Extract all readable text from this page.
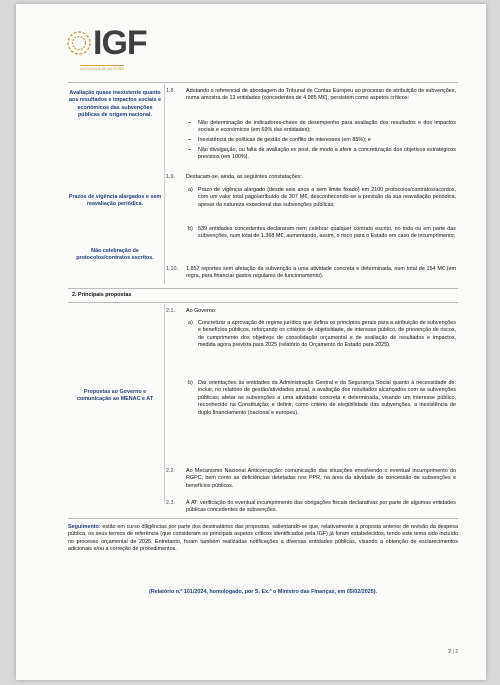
IGF
AUTORIDADE DE AUDITORIA
Avaliação quase inexistente quanto aos resultados e impactos sociais e económicos das subvenções públicas de origem nacional.
Prazos de vigência alargados e sem reavaliação periódica.
Não celebração de protocolos/contratos escritos.
1.8. Adotando o referencial de abordagem do Tribunal de Contas Europeu ao processo de atribuição de subvenções, numa amostra de 13 entidades (concedentes de 4.985 M€), persistem como aspetos críticos:
– Não determinação de indicadores-chave de desempenho para avaliação dos resultados e dos impactos sociais e económicos (em 69% das entidades);
– Inexistência de políticas de gestão de conflito de interesses (em 85%); e
– Não divulgação, ou falta de avaliação ex post, de modo a aferir a concretização dos objetivos estratégicos previstos (em 100%).
1.9. Destacam-se, ainda, as seguintes constatações:
a) Prazo de vigência alargado (desde seis anos a sem limite fixado) em 2100 protocolos/contratos/acordos, com um valor total pago/atribuído de 307 M€, desconhecendo-se a previsão da sua reavaliação periódica, apesar da natureza excecional das subvenções públicas;
b) 539 entidades concedentes declararam nem celebrar qualquer contrato escrito, no todo ou em parte das subvenções, num total de 1.368 M€, aumentando, assim, o risco para o Estado em caso de incumprimento;
1.10. 1.857 reportes sem afetação da subvenção a uma atividade concreta e determinada, num total de 154 M€ (em regra, para financiar gastos regulares de funcionamento).
2. Principais propostas
Propostas ao Governo e comunicação ao MENAC e AT
2.1. Ao Governo:
a) Concretizar a aprovação de regime jurídico que defina os princípios gerais para a atribuição de subvenções e benefícios públicos, reforçando os critérios de objetividade, de interesse público, de prevenção de riscos, de cumprimento dos objetivos de consolidação orçamental e de avaliação de resultados e impactos, medida agora prevista para 2025 (relatório do Orçamento do Estado para 2025).
b) Dar orientações às entidades da Administração Central e da Segurança Social quanto à necessidade de: incluir, no relatório de gestão/atividades anual, a avaliação dos resultados alcançados com as subvenções públicas; afetar as subvenções a uma atividade concreta e determinada, visando um interesse público, reconhecido na Constituição; e definir, como critério de elegibilidade das subvenções, a inexistência de duplo financiamento (nacional e europeu).
2.2. Ao Mecanismo Nacional Anticorrupção: comunicação das situações envolvendo o eventual incumprimento do RGPC, bem como as deficiências detetadas nos PPR, na área da atividade de concessão de subvenções e benefícios públicos.
2.3. À AT: verificação do eventual incumprimento das obrigações fiscais declarativas por parte de algumas entidades públicas concedentes de subvenções.
Seguimento: estão em curso diligências por parte dos destinatários das propostas, salientando-se que, relativamente à proposta anterior de revisão da despesa pública, os seus termos de referência (que consideram os principais aspetos críticos identificados pela IGF) já foram estabelecidos, tendo este tema sido incluído no processo orçamental de 2025. Entretanto, foram também realizadas notificações a diversas entidades públicas, visando a obtenção de esclarecimentos adicionais e/ou a correção de procedimentos.
(Relatório n.º 101/2024, homologado, por S. Ex.ª o Ministro das Finanças, em 05/02/2025).
2 | 2
